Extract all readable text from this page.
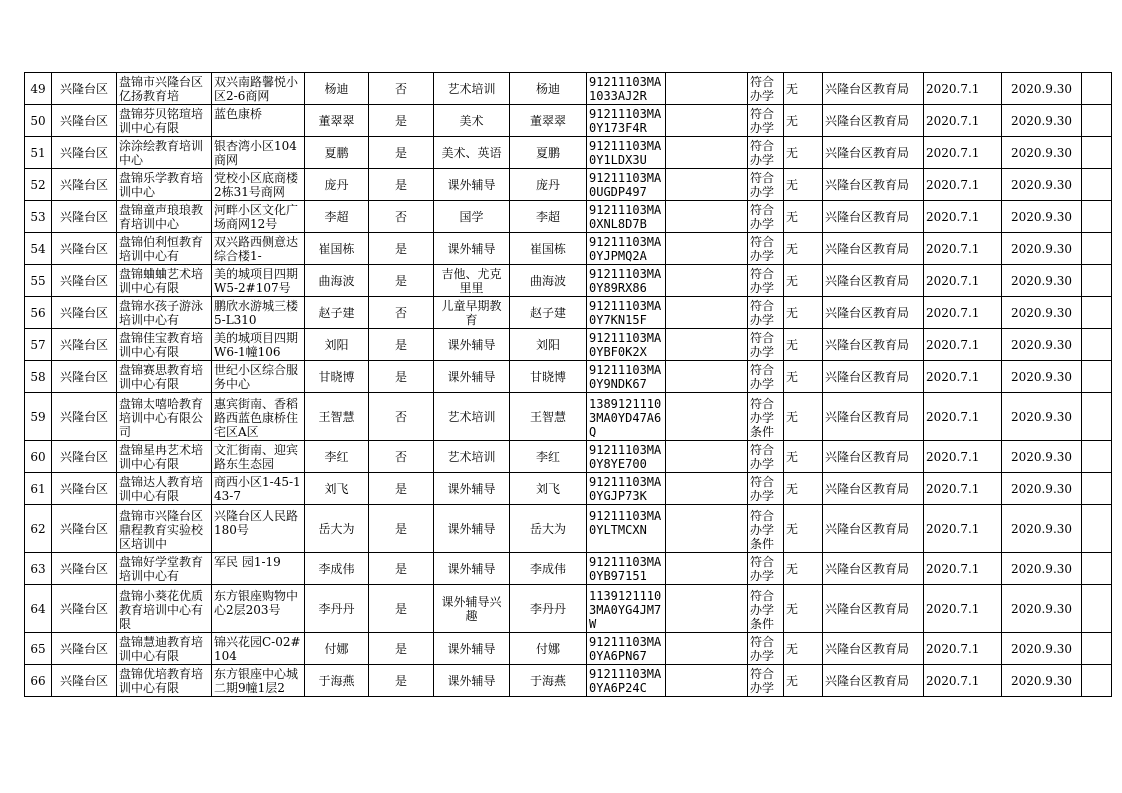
49	兴隆台区	盘锦市兴隆台区亿扬教育培	双兴南路馨悦小区2-6商网	杨迪	否	艺术培训	杨迪	91211103MA1033AJ2R		符合办学	无	兴隆台区教育局	2020.7.1	2020.9.30	

50	兴隆台区	盘锦芬贝铭瑄培训中心有限	蓝色康桥	董翠翠	是	美术	董翠翠	91211103MA0Y173F4R		符合办学	无	兴隆台区教育局	2020.7.1	2020.9.30	

51	兴隆台区	涂涂绘教育培训中心	银杏湾小区104商网	夏鹏	是	美术、英语	夏鹏	91211103MA0Y1LDX3U		符合办学	无	兴隆台区教育局	2020.7.1	2020.9.30	

52	兴隆台区	盘锦乐学教育培训中心	党校小区底商楼2栋31号商网	庞丹	是	课外辅导	庞丹	91211103MA0UGDP497		符合办学	无	兴隆台区教育局	2020.7.1	2020.9.30	

53	兴隆台区	盘锦童声琅琅教育培训中心	河畔小区文化广场商网12号	李超	否	国学	李超	91211103MA0XNL8D7B		符合办学	无	兴隆台区教育局	2020.7.1	2020.9.30	

54	兴隆台区	盘锦伯利恒教育培训中心有	双兴路西侧意达综合楼1-	崔国栋	是	课外辅导	崔国栋	91211103MA0YJPMQ2A		符合办学	无	兴隆台区教育局	2020.7.1	2020.9.30	

55	兴隆台区	盘锦蛐蛐艺术培训中心有限	美的城项目四期W5-2#107号	曲海波	是	吉他、尤克里里	曲海波	91211103MA0Y89RX86		符合办学	无	兴隆台区教育局	2020.7.1	2020.9.30	

56	兴隆台区	盘锦水孩子游泳培训中心有	鹏欣水游城三楼5-L310	赵子建	否	儿童早期教育	赵子建	91211103MA0Y7KN15F		符合办学	无	兴隆台区教育局	2020.7.1	2020.9.30	

57	兴隆台区	盘锦佳宝教育培训中心有限	美的城项目四期W6-1幢106	刘阳	是	课外辅导	刘阳	91211103MA0YBF0K2X		符合办学	无	兴隆台区教育局	2020.7.1	2020.9.30	

58	兴隆台区	盘锦赛思教育培训中心有限	世纪小区综合服务中心	甘晓博	是	课外辅导	甘晓博	91211103MA0Y9NDK67		符合办学	无	兴隆台区教育局	2020.7.1	2020.9.30	

59	兴隆台区	盘锦太嘻哈教育培训中心有限公司	惠宾街南、香稻路西蓝色康桥住宅区A区	王智慧	否	艺术培训	王智慧	13891211103MA0YD47A6Q		符合办学条件	无	兴隆台区教育局	2020.7.1	2020.9.30	

60	兴隆台区	盘锦星冉艺术培训中心有限	文汇街南、迎宾路东生态园	李红	否	艺术培训	李红	91211103MA0Y8YE700		符合办学	无	兴隆台区教育局	2020.7.1	2020.9.30	

61	兴隆台区	盘锦达人教育培训中心有限	商西小区1-45-143-7	刘飞	是	课外辅导	刘飞	91211103MA0YGJP73K		符合办学	无	兴隆台区教育局	2020.7.1	2020.9.30	

62	兴隆台区	盘锦市兴隆台区鼎程教育实验校区培训中	兴隆台区人民路180号	岳大为	是	课外辅导	岳大为	91211103MA0YLTMCXN		符合办学条件	无	兴隆台区教育局	2020.7.1	2020.9.30	

63	兴隆台区	盘锦好学堂教育培训中心有	军民 园1-19	李成伟	是	课外辅导	李成伟	91211103MA0YB97151		符合办学	无	兴隆台区教育局	2020.7.1	2020.9.30	

64	兴隆台区	盘锦小葵花优质教育培训中心有限	东方银座购物中心2层203号	李丹丹	是	课外辅导兴趣	李丹丹	11391211103MA0YG4JM7W		符合办学条件	无	兴隆台区教育局	2020.7.1	2020.9.30	

65	兴隆台区	盘锦慧迪教育培训中心有限	锦兴花园C-02#104	付娜	是	课外辅导	付娜	91211103MA0YA6PN67		符合办学	无	兴隆台区教育局	2020.7.1	2020.9.30	

66	兴隆台区	盘锦优培教育培训中心有限	东方银座中心城二期9幢1层2	于海燕	是	课外辅导	于海燕	91211103MA0YA6P24C		符合办学	无	兴隆台区教育局	2020.7.1	2020.9.30	
